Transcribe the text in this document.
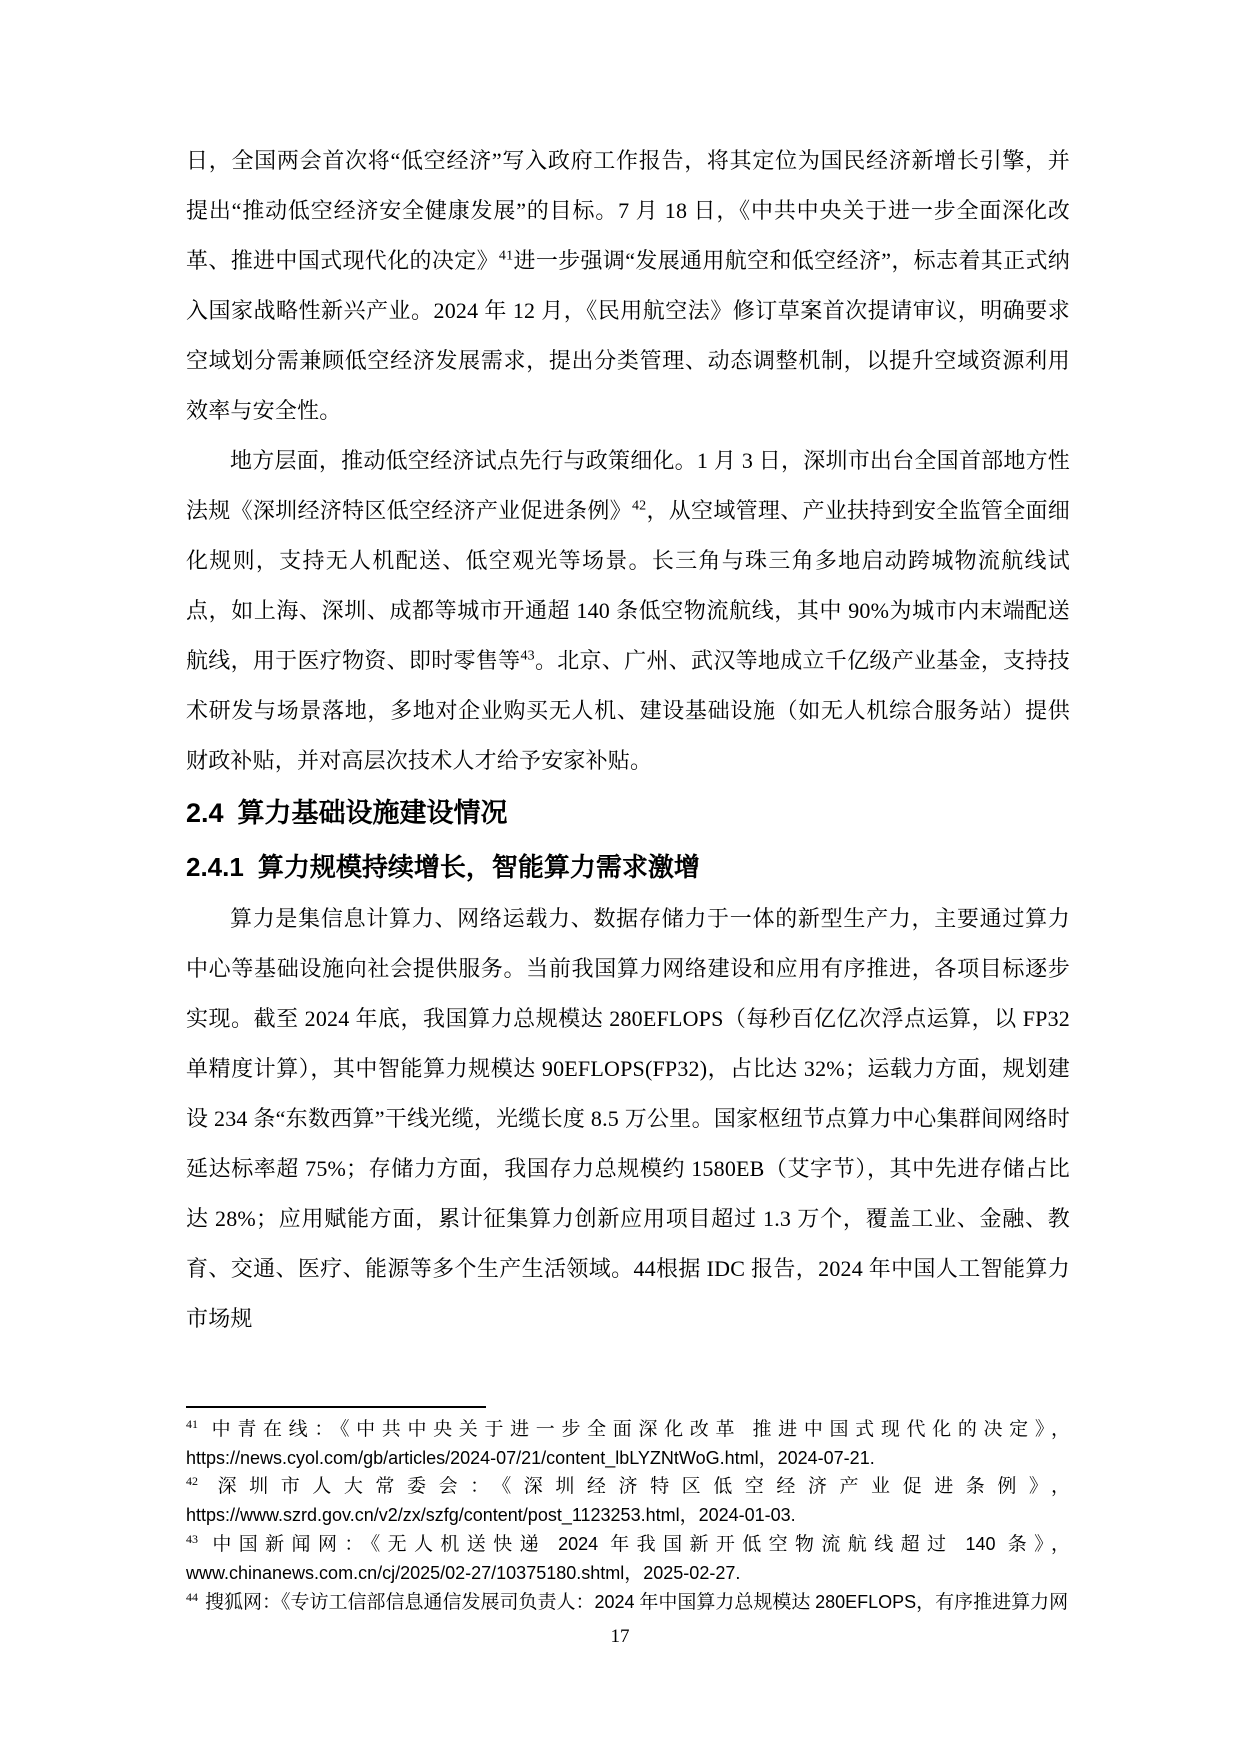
日，全国两会首次将“低空经济”写入政府工作报告，将其定位为国民经济新增长引擎，并提出“推动低空经济安全健康发展”的目标。7 月 18 日，《中共中央关于进一步全面深化改革、推进中国式现代化的决定》$^{41}$进一步强调“发展通用航空和低空经济”，标志着其正式纳入国家战略性新兴产业。2024 年 12 月，《民用航空法》修订草案首次提请审议，明确要求空域划分需兼顾低空经济发展需求，提出分类管理、动态调整机制，以提升空域资源利用效率与安全性。

地方层面，推动低空经济试点先行与政策细化。1 月 3 日，深圳市出台全国首部地方性法规《深圳经济特区低空经济产业促进条例》$^{42}$，从空域管理、产业扶持到安全监管全面细化规则，支持无人机配送、低空观光等场景。长三角与珠三角多地启动跨城物流航线试点，如上海、深圳、成都等城市开通超 140 条低空物流航线，其中 90%为城市内末端配送航线，用于医疗物资、即时零售等$^{43}$。北京、广州、武汉等地成立千亿级产业基金，支持技术研发与场景落地，多地对企业购买无人机、建设基础设施（如无人机综合服务站）提供财政补贴，并对高层次技术人才给予安家补贴。

2.4 算力基础设施建设情况
2.4.1 算力规模持续增长，智能算力需求激增

算力是集信息计算力、网络运载力、数据存储力于一体的新型生产力，主要通过算力中心等基础设施向社会提供服务。当前我国算力网络建设和应用有序推进，各项目标逐步实现。截至 2024 年底，我国算力总规模达 280EFLOPS（每秒百亿亿次浮点运算，以 FP32 单精度计算），其中智能算力规模达 90EFLOPS(FP32)，占比达 32%；运载力方面，规划建设 234 条“东数西算”干线光缆，光缆长度 8.5 万公里。国家枢纽节点算力中心集群间网络时延达标率超 75%；存储力方面，我国存力总规模约 1580EB（艾字节），其中先进存储占比达 28%；应用赋能方面，累计征集算力创新应用项目超过 1.3 万个，覆盖工业、金融、教育、交通、医疗、能源等多个生产生活领域。44根据 IDC 报告，2024 年中国人工智能算力市场规

$^{41}$ 中青在线：《中共中央关于进一步全面深化改革 推进中国式现代化的决定》，https://news.cyol.com/gb/articles/2024-07/21/content_lbLYZNtWoG.html，2024-07-21.

$^{42}$ 深圳市人大常委会：《深圳经济特区低空经济产业促进条例》，https://www.szrd.gov.cn/v2/zx/szfg/content/post_1123253.html，2024-01-03.

$^{43}$ 中国新闻网：《无人机送快递 2024 年我国新开低空物流航线超过 140 条》，www.chinanews.com.cn/cj/2025/02-27/10375180.shtml，2025-02-27.

$^{44}$ 搜狐网：《专访工信部信息通信发展司负责人：2024 年中国算力总规模达 280EFLOPS，有序推进算力网

17
